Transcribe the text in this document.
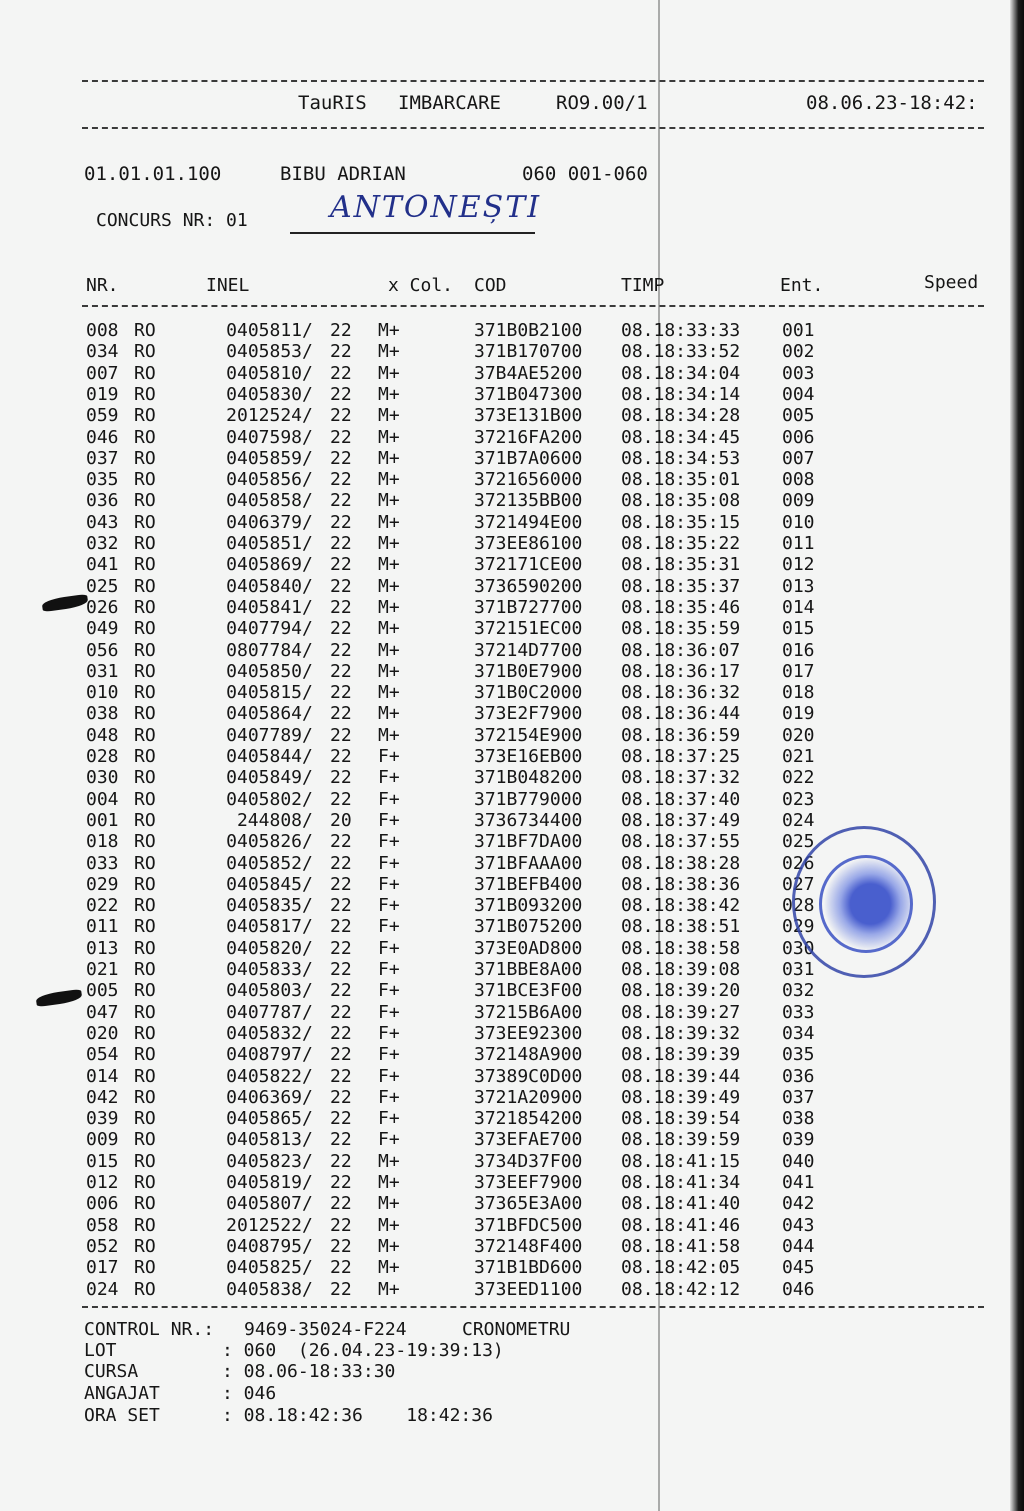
TauRIS IMBARCARE	RO9.00/1	08.06.23-18:42:
01.01.01.100	BIBU ADRIAN	060 001-060
CONCURS NR: 01	ANTONEȘTI
NR.	INEL	x Col. COD	TIMP	Ent.	Speed
008 RO	0405811 / 22 M+	371B0B2100 08.18:33:33 001
034 RO	0405853 / 22 M+	371B170700 08.18:33:52 002
007 RO	0405810 / 22 M+	37B4AE5200 08.18:34:04 003
019 RO	0405830 / 22 M+	371B047300 08.18:34:14 004
059 RO	2012524 / 22 M+	373E131B00 08.18:34:28 005
046 RO	0407598 / 22 M+	37216FA200 08.18:34:45 006
037 RO	0405859 / 22 M+	371B7A0600 08.18:34:53 007
035 RO	0405856 / 22 M+	3721656000 08.18:35:01 008
036 RO	0405858 / 22 M+	372135BB00 08.18:35:08 009
043 RO	0406379 / 22 M+	3721494E00 08.18:35:15 010
032 RO	0405851 / 22 M+	373EE86100 08.18:35:22 011
041 RO	0405869 / 22 M+	372171CE00 08.18:35:31 012
025 RO	0405840 / 22 M+	3736590200 08.18:35:37 013
026 RO	0405841 / 22 M+	371B727700 08.18:35:46 014
049 RO	0407794 / 22 M+	372151EC00 08.18:35:59 015
056 RO	0807784 / 22 M+	37214D7700 08.18:36:07 016
031 RO	0405850 / 22 M+	371B0E7900 08.18:36:17 017
010 RO	0405815 / 22 M+	371B0C2000 08.18:36:32 018
038 RO	0405864 / 22 M+	373E2F7900 08.18:36:44 019
048 RO	0407789 / 22 M+	372154E900 08.18:36:59 020
028 RO	0405844 / 22 F+	373E16EB00 08.18:37:25 021
030 RO	0405849 / 22 F+	371B048200 08.18:37:32 022
004 RO	0405802 / 22 F+	371B779000 08.18:37:40 023
001 RO	244808 / 20 F+	3736734400 08.18:37:49 024
018 RO	0405826 / 22 F+	371BF7DA00 08.18:37:55 025
033 RO	0405852 / 22 F+	371BFAAA00 08.18:38:28 026
029 RO	0405845 / 22 F+	371BEFB400 08.18:38:36 027
022 RO	0405835 / 22 F+	371B093200 08.18:38:42 028
011 RO	0405817 / 22 F+	371B075200 08.18:38:51 029
013 RO	0405820 / 22 F+	373E0AD800 08.18:38:58 030
021 RO	0405833 / 22 F+	371BBE8A00 08.18:39:08 031
005 RO	0405803 / 22 F+	371BCE3F00 08.18:39:20 032
047 RO	0407787 / 22 F+	37215B6A00 08.18:39:27 033
020 RO	0405832 / 22 F+	373EE92300 08.18:39:32 034
054 RO	0408797 / 22 F+	372148A900 08.18:39:39 035
014 RO	0405822 / 22 F+	37389C0D00 08.18:39:44 036
042 RO	0406369 / 22 F+	3721A20900 08.18:39:49 037
039 RO	0405865 / 22 F+	3721854200 08.18:39:54 038
009 RO	0405813 / 22 F+	373EFAE700 08.18:39:59 039
015 RO	0405823 / 22 M+	3734D37F00 08.18:41:15 040
012 RO	0405819 / 22 M+	373EEF7900 08.18:41:34 041
006 RO	0405807 / 22 M+	37365E3A00 08.18:41:40 042
058 RO	2012522 / 22 M+	371BFDC500 08.18:41:46 043
052 RO	0408795 / 22 M+	372148F400 08.18:41:58 044
017 RO	0405825 / 22 M+	371B1BD600 08.18:42:05 045
024 RO	0405838 / 22 M+	373EED1100 08.18:42:12 046
CONTROL NR.: 9469-35024-F224	CRONOMETRU
LOT	: 060  (26.04.23-19:39:13)
CURSA	: 08.06-18:33:30
ANGAJAT	: 046
ORA SET	: 08.18:42:36    18:42:36
